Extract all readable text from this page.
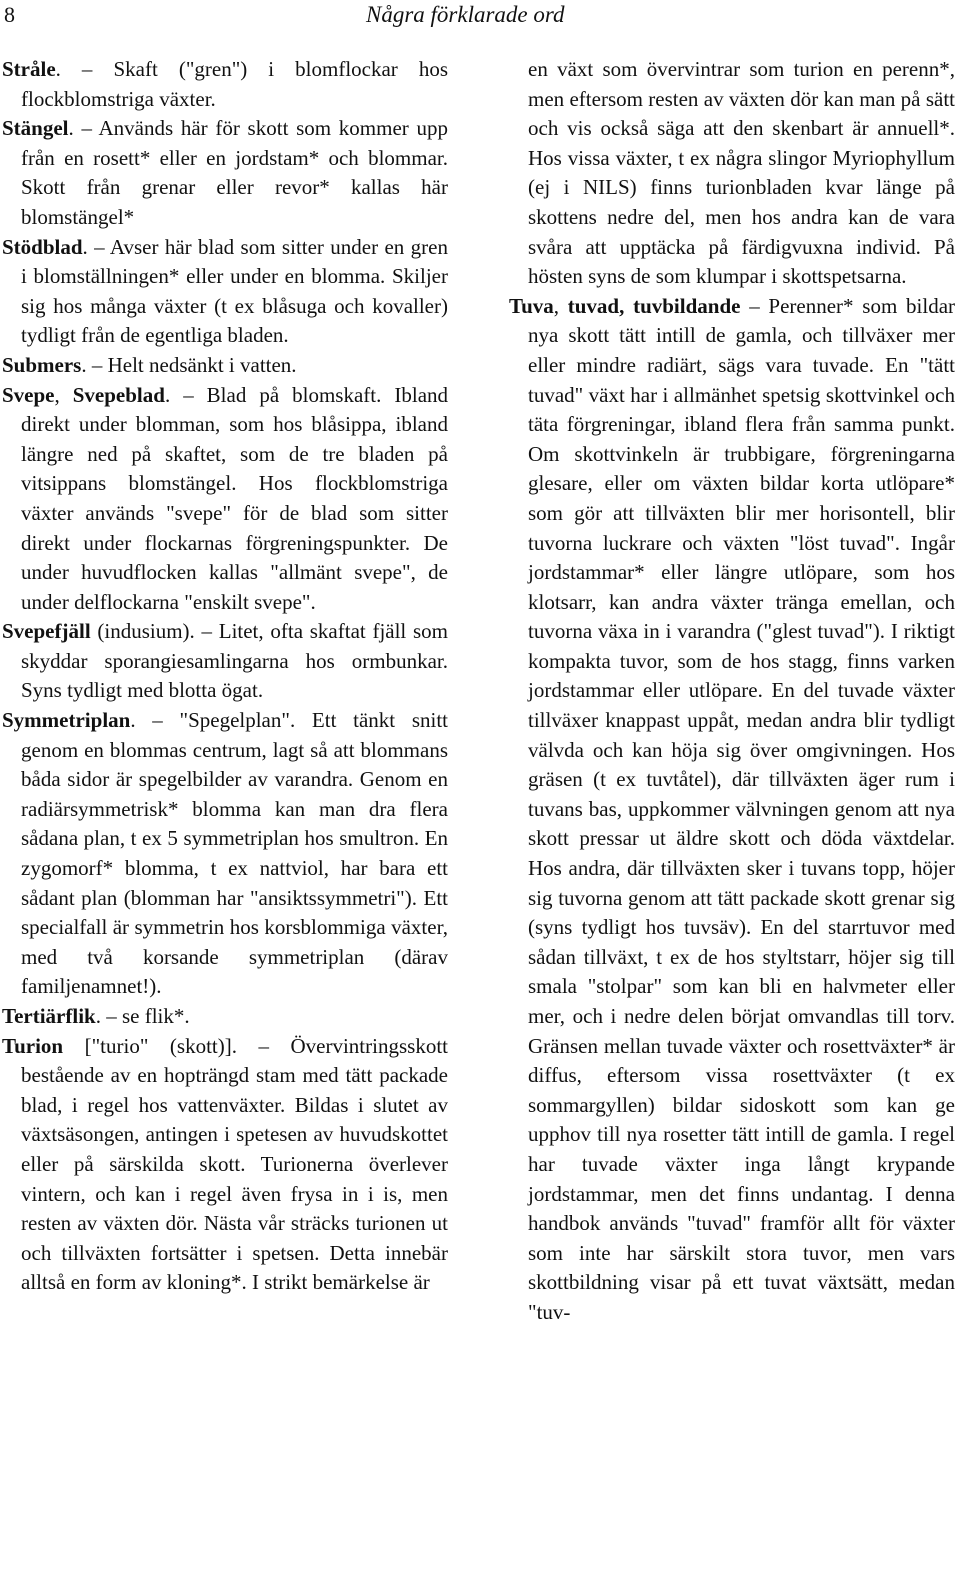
8	Några förklarade ord

Stråle. – Skaft ("gren") i blomflockar hos flockblomstriga växter.

Stängel. – Används här för skott som kommer upp från en rosett* eller en jordstam* och blommar. Skott från grenar eller revor* kallas här blomstängel*

Stödblad. – Avser här blad som sitter under en gren i blomställningen* eller under en blomma. Skiljer sig hos många växter (t ex blåsuga och kovaller) tydligt från de egentliga bladen.

Submers. – Helt nedsänkt i vatten.

Svepe, Svepeblad. – Blad på blomskaft. Ibland direkt under blomman, som hos blåsippa, ibland längre ned på skaftet, som de tre bladen på vitsippans blomstängel. Hos flockblomstriga växter används "svepe" för de blad som sitter direkt under flockarnas förgreningspunkter. De under huvudflocken kallas "allmänt svepe", de under delflockarna "enskilt svepe".

Svepefjäll (indusium). – Litet, ofta skaftat fjäll som skyddar sporangiesamlingarna hos ormbunkar. Syns tydligt med blotta ögat.

Symmetriplan. – "Spegelplan". Ett tänkt snitt genom en blommas centrum, lagt så att blommans båda sidor är spegelbilder av varandra. Genom en radiärsymmetrisk* blomma kan man dra flera sådana plan, t ex 5 symmetriplan hos smultron. En zygomorf* blomma, t ex nattviol, har bara ett sådant plan (blomman har "ansiktssymmetri"). Ett specialfall är symmetrin hos korsblommiga växter, med två korsande symmetriplan (därav familjenamnet!).

Tertiärflik. – se flik*.

Turion ["turio" (skott)]. – Övervintringsskott bestående av en hopträngd stam med tätt packade blad, i regel hos vattenväxter. Bildas i slutet av växtsäsongen, antingen i spetesen av huvudskottet eller på särskilda skott. Turionerna överlever vintern, och kan i regel även frysa in i is, men resten av växten dör. Nästa vår sträcks turionen ut och tillväxten fortsätter i spetsen. Detta innebär alltså en form av kloning*. I strikt bemärkelse är

en växt som övervintrar som turion en perenn*, men eftersom resten av växten dör kan man på sätt och vis också säga att den skenbart är annuell*. Hos vissa växter, t ex några slingor Myriophyllum (ej i NILS) finns turionbladen kvar länge på skottens nedre del, men hos andra kan de vara svåra att upptäcka på färdigvuxna individ. På hösten syns de som klumpar i skottspetsarna.

Tuva, tuvad, tuvbildande – Perenner* som bildar nya skott tätt intill de gamla, och tillväxer mer eller mindre radiärt, sägs vara tuvade. En "tätt tuvad" växt har i allmänhet spetsig skottvinkel och täta förgreningar, ibland flera från samma punkt. Om skottvinkeln är trubbigare, förgreningarna glesare, eller om växten bildar korta utlöpare* som gör att tillväxten blir mer horisontell, blir tuvorna luckrare och växten "löst tuvad". Ingår jordstammar* eller längre utlöpare, som hos klotsarr, kan andra växter tränga emellan, och tuvorna växa in i varandra ("glest tuvad"). I riktigt kompakta tuvor, som de hos stagg, finns varken jordstammar eller utlöpare. En del tuvade växter tillväxer knappast uppåt, medan andra blir tydligt välvda och kan höja sig över omgivningen. Hos gräsen (t ex tuvtåtel), där tillväxten äger rum i tuvans bas, uppkommer välvningen genom att nya skott pressar ut äldre skott och döda växtdelar. Hos andra, där tillväxten sker i tuvans topp, höjer sig tuvorna genom att tätt packade skott grenar sig (syns tydligt hos tuvsäv). En del starrtuvor med sådan tillväxt, t ex de hos styltstarr, höjer sig till smala "stolpar" som kan bli en halvmeter eller mer, och i nedre delen börjat omvandlas till torv. Gränsen mellan tuvade växter och rosettväxter* är diffus, eftersom vissa rosettväxter (t ex sommargyllen) bildar sidoskott som kan ge upphov till nya rosetter tätt intill de gamla. I regel har tuvade växter inga långt krypande jordstammar, men det finns undantag. I denna handbok används "tuvad" framför allt för växter som inte har särskilt stora tuvor, men vars skottbildning visar på ett tuvat växtsätt, medan "tuv-
